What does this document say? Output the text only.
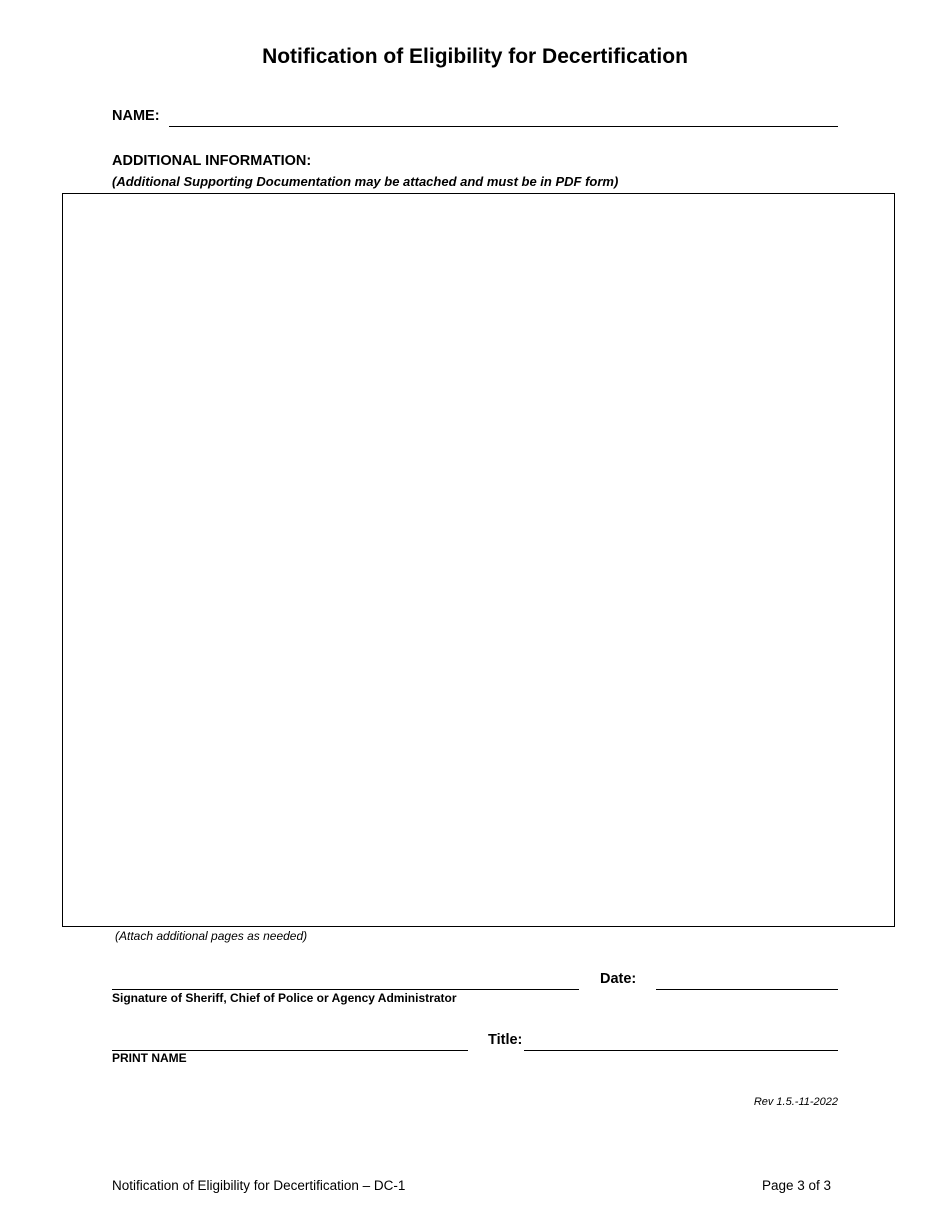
Notification of Eligibility for Decertification
NAME:
ADDITIONAL INFORMATION:
(Additional Supporting Documentation may be attached and must be in PDF form)
(Attach additional pages as needed)
Signature of Sheriff, Chief of Police or Agency Administrator
Date:
PRINT NAME
Title:
Rev 1.5.-11-2022
Notification of Eligibility for Decertification – DC-1	Page 3 of 3
